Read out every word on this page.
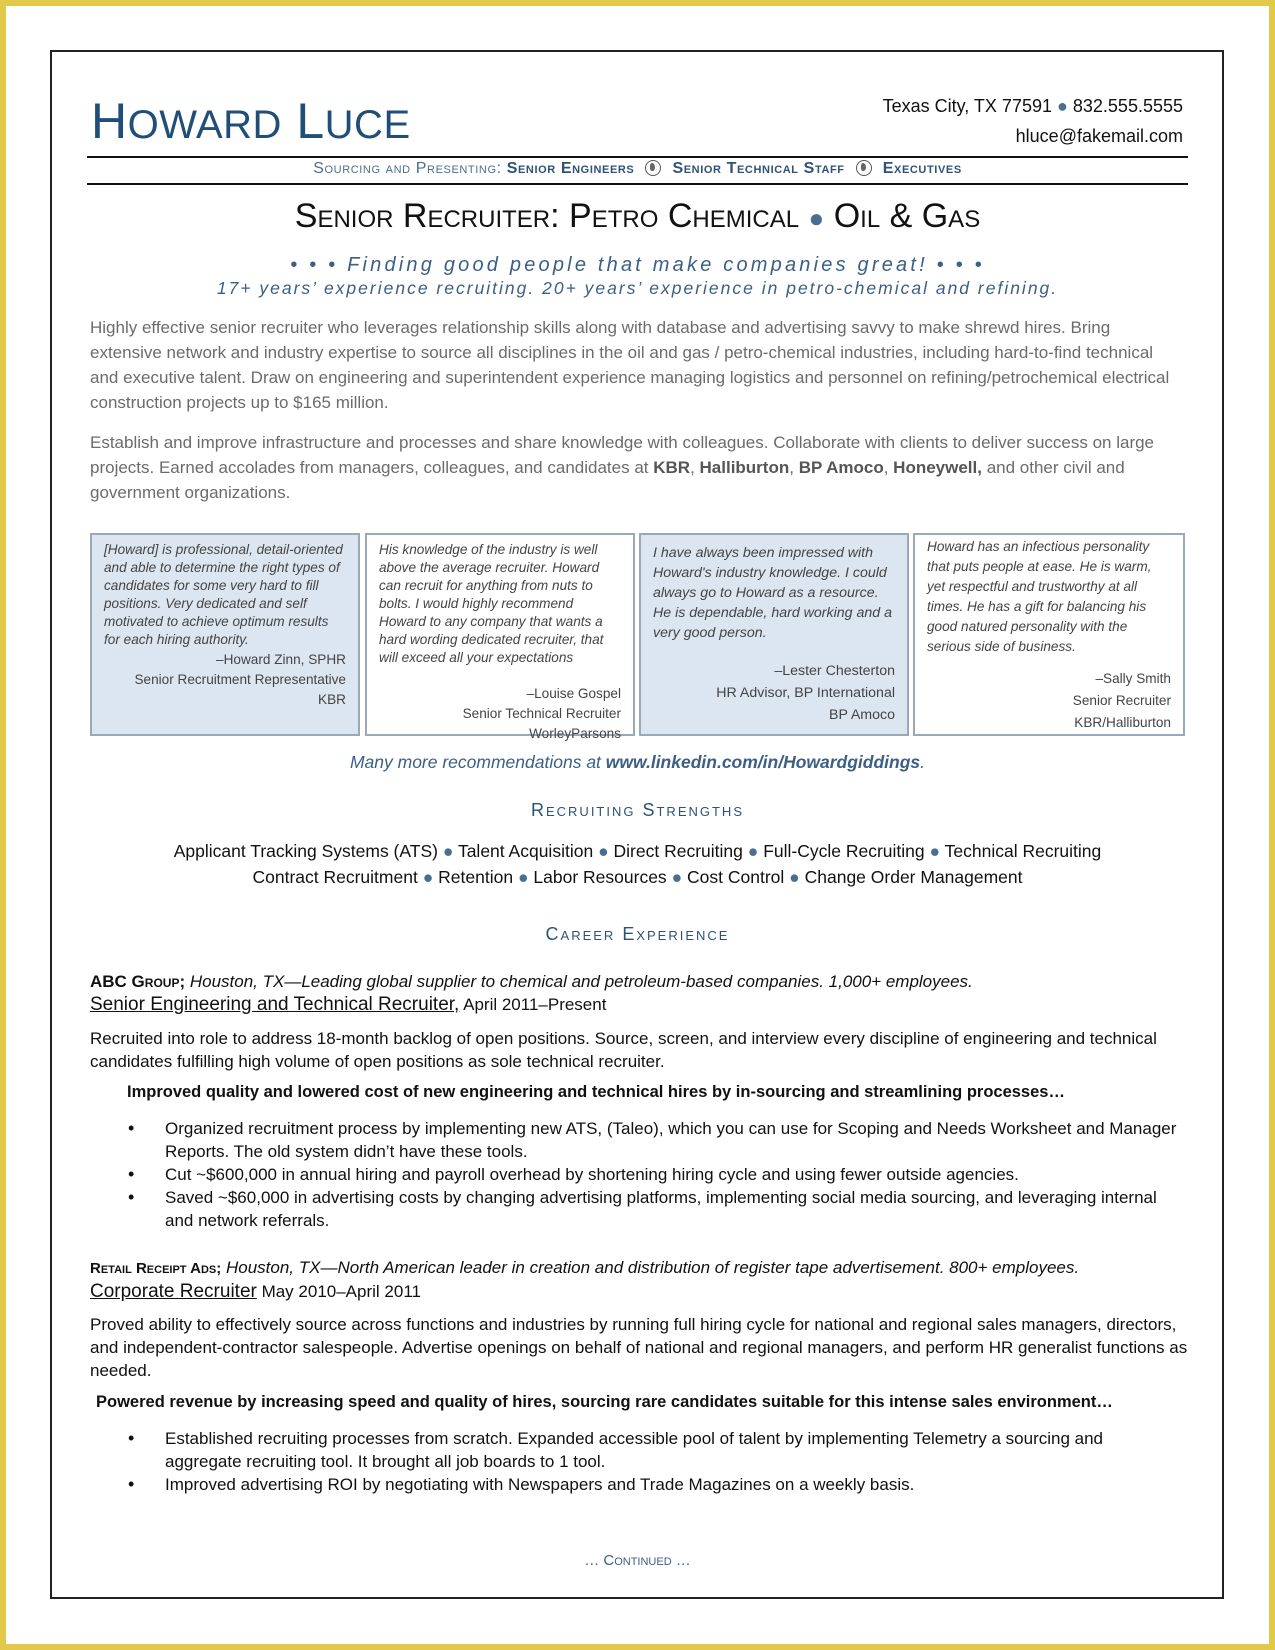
HOWARD LUCE	Texas City, TX 77591 ● 832.555.5555
hluce@fakemail.com
Sourcing and Presenting: Senior Engineers Senior Technical Staff Executives
Senior Recruiter: Petro Chemical ● Oil & Gas
• • • Finding good people that make companies great! • • •
17+ years’ experience recruiting. 20+ years’ experience in petro-chemical and refining.
Highly effective senior recruiter who leverages relationship skills along with database and advertising savvy to make shrewd hires. Bring extensive network and industry expertise to source all disciplines in the oil and gas / petro-chemical industries, including hard-to-find technical and executive talent. Draw on engineering and superintendent experience managing logistics and personnel on refining/petrochemical electrical construction projects up to $165 million.
Establish and improve infrastructure and processes and share knowledge with colleagues. Collaborate with clients to deliver success on large projects. Earned accolades from managers, colleagues, and candidates at KBR, Halliburton, BP Amoco, Honeywell, and other civil and government organizations.
[Howard] is professional, detail-oriented and able to determine the right types of candidates for some very hard to fill positions. Very dedicated and self motivated to achieve optimum results for each hiring authority.
–Howard Zinn, SPHR
Senior Recruitment Representative
KBR
His knowledge of the industry is well above the average recruiter. Howard can recruit for anything from nuts to bolts. I would highly recommend Howard to any company that wants a hard wording dedicated recruiter, that will exceed all your expectations
–Louise Gospel
Senior Technical Recruiter
WorleyParsons
I have always been impressed with Howard's industry knowledge. I could always go to Howard as a resource. He is dependable, hard working and a very good person.
–Lester Chesterton
HR Advisor, BP International
BP Amoco
Howard has an infectious personality that puts people at ease. He is warm, yet respectful and trustworthy at all times. He has a gift for balancing his good natured personality with the serious side of business.
–Sally Smith
Senior Recruiter
KBR/Halliburton
Many more recommendations at www.linkedin.com/in/Howardgiddings.
Recruiting Strengths
Applicant Tracking Systems (ATS) ● Talent Acquisition ● Direct Recruiting ● Full-Cycle Recruiting ● Technical Recruiting
Contract Recruitment ● Retention ● Labor Resources ● Cost Control ● Change Order Management
Career Experience
ABC Group; Houston, TX—Leading global supplier to chemical and petroleum-based companies. 1,000+ employees.
Senior Engineering and Technical Recruiter, April 2011–Present
Recruited into role to address 18-month backlog of open positions. Source, screen, and interview every discipline of engineering and technical candidates fulfilling high volume of open positions as sole technical recruiter.
Improved quality and lowered cost of new engineering and technical hires by in-sourcing and streamlining processes…
• Organized recruitment process by implementing new ATS, (Taleo), which you can use for Scoping and Needs Worksheet and Manager Reports. The old system didn’t have these tools.
• Cut ~$600,000 in annual hiring and payroll overhead by shortening hiring cycle and using fewer outside agencies.
• Saved ~$60,000 in advertising costs by changing advertising platforms, implementing social media sourcing, and leveraging internal and network referrals.
Retail Receipt Ads; Houston, TX—North American leader in creation and distribution of register tape advertisement. 800+ employees.
Corporate Recruiter May 2010–April 2011
Proved ability to effectively source across functions and industries by running full hiring cycle for national and regional sales managers, directors, and independent-contractor salespeople. Advertise openings on behalf of national and regional managers, and perform HR generalist functions as needed.
Powered revenue by increasing speed and quality of hires, sourcing rare candidates suitable for this intense sales environment…
• Established recruiting processes from scratch. Expanded accessible pool of talent by implementing Telemetry a sourcing and aggregate recruiting tool. It brought all job boards to 1 tool.
• Improved advertising ROI by negotiating with Newspapers and Trade Magazines on a weekly basis.
… Continued …
